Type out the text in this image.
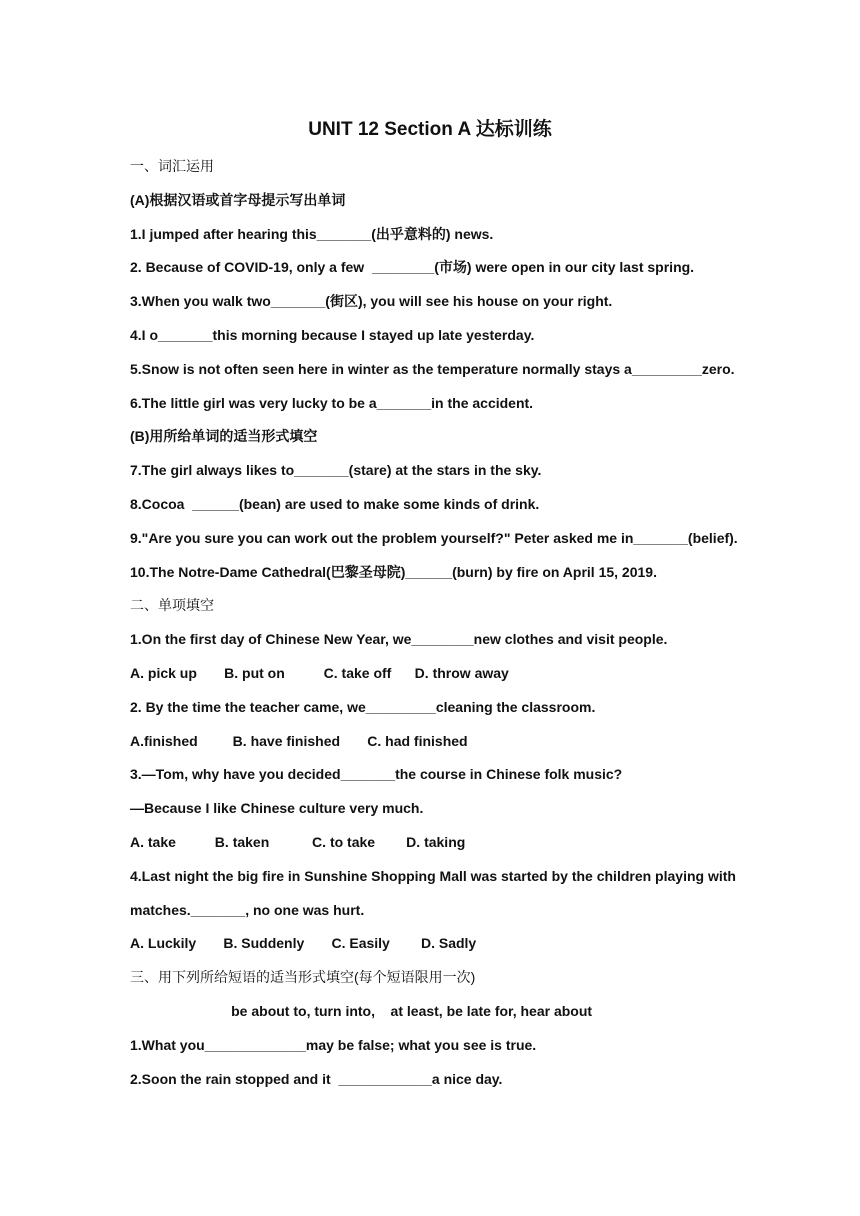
UNIT 12 Section A 达标训练
一、词汇运用
(A)根据汉语或首字母提示写出单词
1.I jumped after hearing this_______(出乎意料的) news.
2. Because of COVID-19, only a few  ________(市场) were open in our city last spring.
3.When you walk two_______(街区), you will see his house on your right.
4.I o_______this morning because I stayed up late yesterday.
5.Snow is not often seen here in winter as the temperature normally stays a_________zero.
6.The little girl was very lucky to be a_______in the accident.
(B)用所给单词的适当形式填空
7.The girl always likes to_______(stare) at the stars in the sky.
8.Cocoa  ______(bean) are used to make some kinds of drink.
9."Are you sure you can work out the problem yourself?" Peter asked me in_______(belief).
10.The Notre-Dame Cathedral(巴黎圣母院)______(burn) by fire on April 15, 2019.
二、单项填空
1.On the first day of Chinese New Year, we________new clothes and visit people.
A. pick up       B. put on          C. take off      D. throw away
2. By the time the teacher came, we_________cleaning the classroom.
A.finished         B. have finished       C. had finished
3.—Tom, why have you decided_______the course in Chinese folk music?
—Because I like Chinese culture very much.
A. take          B. taken           C. to take        D. taking
4.Last night the big fire in Sunshine Shopping Mall was started by the children playing with
matches._______, no one was hurt.
A. Luckily       B. Suddenly       C. Easily        D. Sadly
三、用下列所给短语的适当形式填空(每个短语限用一次)
be about to, turn into,    at least, be late for, hear about
1.What you_____________may be false; what you see is true.
2.Soon the rain stopped and it  ____________a nice day.
